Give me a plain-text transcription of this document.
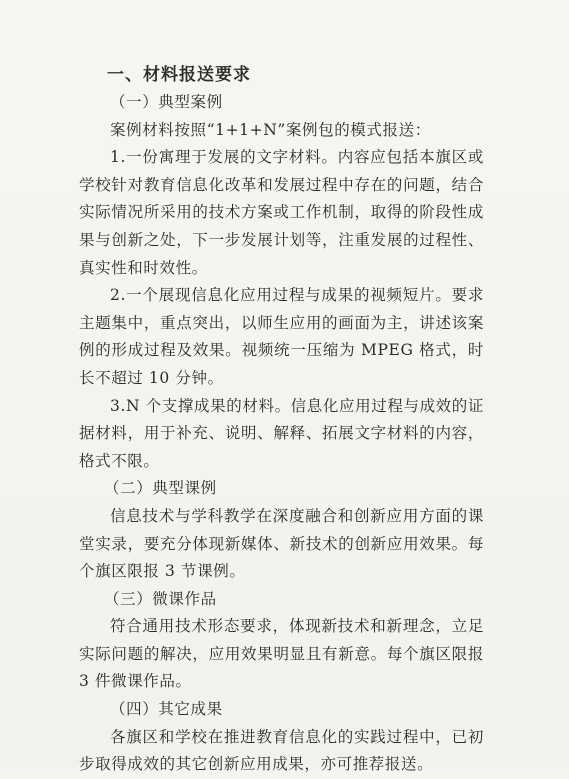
一、材料报送要求
（一）典型案例

案例材料按照“1+1+N”案例包的模式报送：

1.一份寓理于发展的文字材料。内容应包括本旗区或学校针对教育信息化改革和发展过程中存在的问题，结合实际情况所采用的技术方案或工作机制，取得的阶段性成果与创新之处，下一步发展计划等，注重发展的过程性、真实性和时效性。

2.一个展现信息化应用过程与成果的视频短片。要求主题集中，重点突出，以师生应用的画面为主，讲述该案例的形成过程及效果。视频统一压缩为 MPEG 格式，时长不超过 10 分钟。

3.N 个支撑成果的材料。信息化应用过程与成效的证据材料，用于补充、说明、解释、拓展文字材料的内容，格式不限。

（二）典型课例

信息技术与学科教学在深度融合和创新应用方面的课堂实录，要充分体现新媒体、新技术的创新应用效果。每个旗区限报 3 节课例。

（三）微课作品

符合通用技术形态要求，体现新技术和新理念，立足实际问题的解决，应用效果明显且有新意。每个旗区限报 3 件微课作品。

（四）其它成果

各旗区和学校在推进教育信息化的实践过程中，已初步取得成效的其它创新应用成果，亦可推荐报送。
